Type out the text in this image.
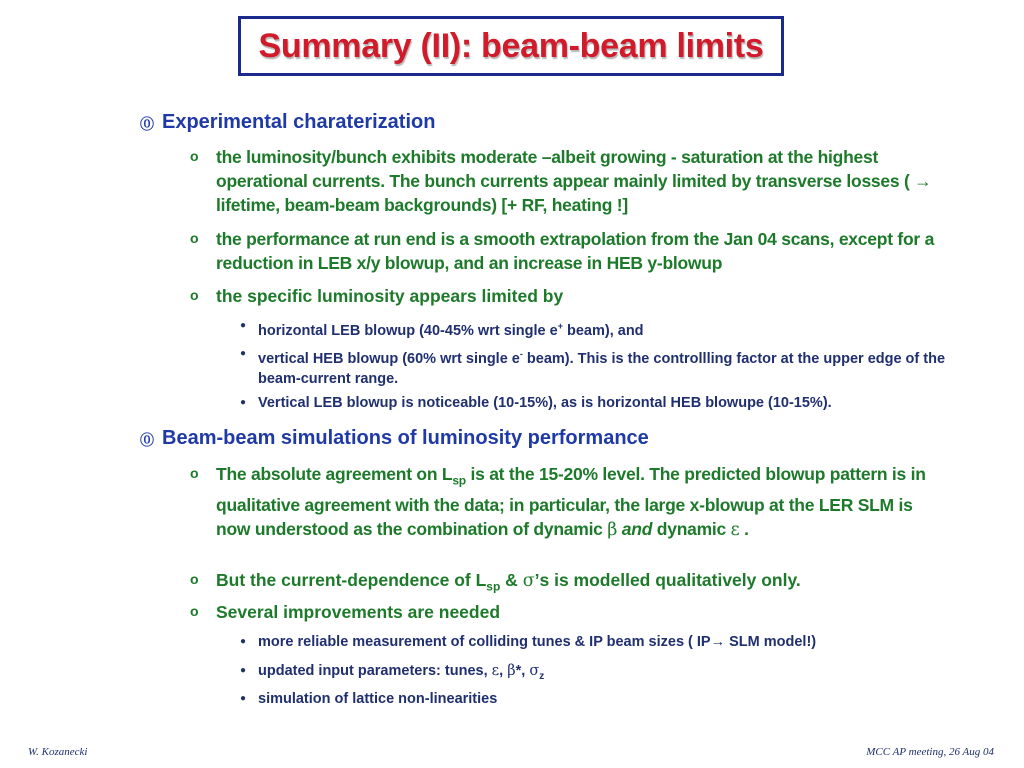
Summary (II): beam-beam limits
⓪ Experimental charaterization
o the luminosity/bunch exhibits moderate –albeit growing - saturation at the highest operational currents. The bunch currents appear mainly limited by transverse losses ( → lifetime, beam-beam backgrounds) [+ RF, heating !]
o the performance at run end is a smooth extrapolation from the Jan 04 scans, except for a reduction in LEB x/y blowup, and an increase in HEB y-blowup
o the specific luminosity appears limited by
● horizontal LEB blowup (40-45% wrt single e+ beam), and
● vertical HEB blowup (60% wrt single e- beam). This is the controllling factor at the upper edge of the beam-current range.
● Vertical LEB blowup is noticeable (10-15%), as is horizontal HEB blowupe (10-15%).
⓪ Beam-beam simulations of luminosity performance
o The absolute agreement on $L_{sp}$ is at the 15-20% level. The predicted blowup pattern is in qualitative agreement with the data; in particular, the large x-blowup at the LER SLM is now understood as the combination of dynamic β and dynamic ε .
o But the current-dependence of $L_{sp}$ & σ’s is modelled qualitatively only.
o Several improvements are needed
● more reliable measurement of colliding tunes & IP beam sizes ( IP→ SLM model!)
● updated input parameters: tunes, ε, β*, $\sigma_z$
● simulation of lattice non-linearities
W. Kozanecki	MCC AP meeting, 26 Aug 04
